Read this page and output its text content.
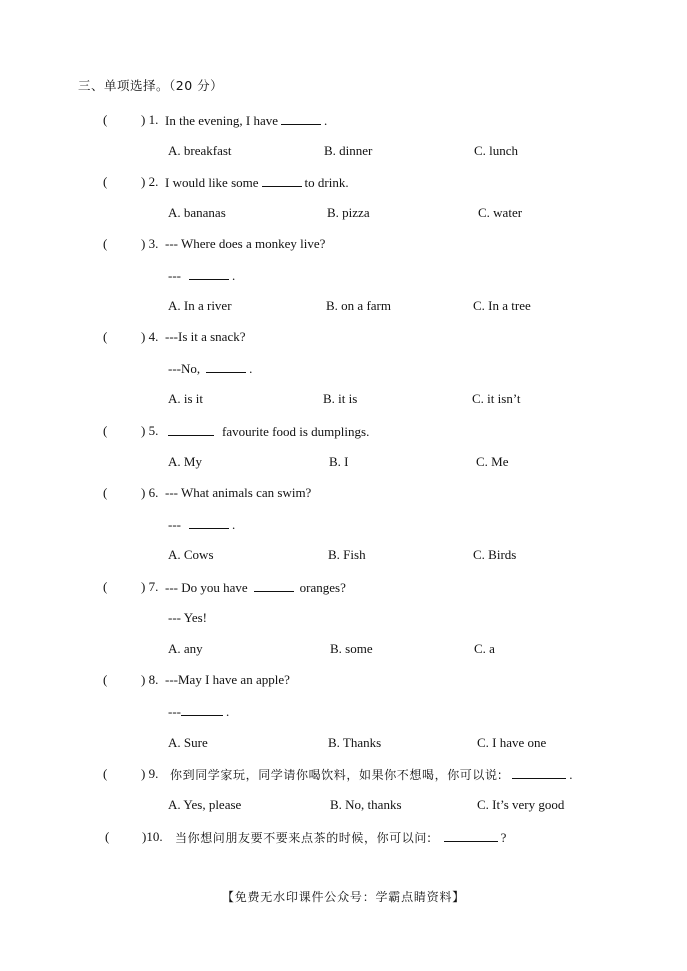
三、单项选择。（20 分）
(	) 1. In the evening, I have	.
A. breakfast	B. dinner	C. lunch
(	) 2. I would like some	to drink.
A. bananas	B. pizza	C. water
(	) 3. --- Where does a monkey live?
---	.
A. In a river	B. on a farm	C. In a tree
(	) 4. ---Is it a snack?
---No,	.
A. is it	B. it is	C. it isn’t
(	) 5.	favourite food is dumplings.
A. My	B. I	C. Me
(	) 6. --- What animals can swim?
---	.
A. Cows	B. Fish	C. Birds
(	) 7. --- Do you have	oranges?
--- Yes!
A. any	B. some	C. a
(	) 8. ---May I have an apple?
---	.
A. Sure	B. Thanks	C. I have one
(	) 9. 你到同学家玩，同学请你喝饮料，如果你不想喝，你可以说:	.
A. Yes, please	B. No, thanks	C. It’s very good
(	)10. 当你想问朋友要不要来点茶的时候，你可以问:	?
【免费无水印课件公众号：学霸点睛资料】
